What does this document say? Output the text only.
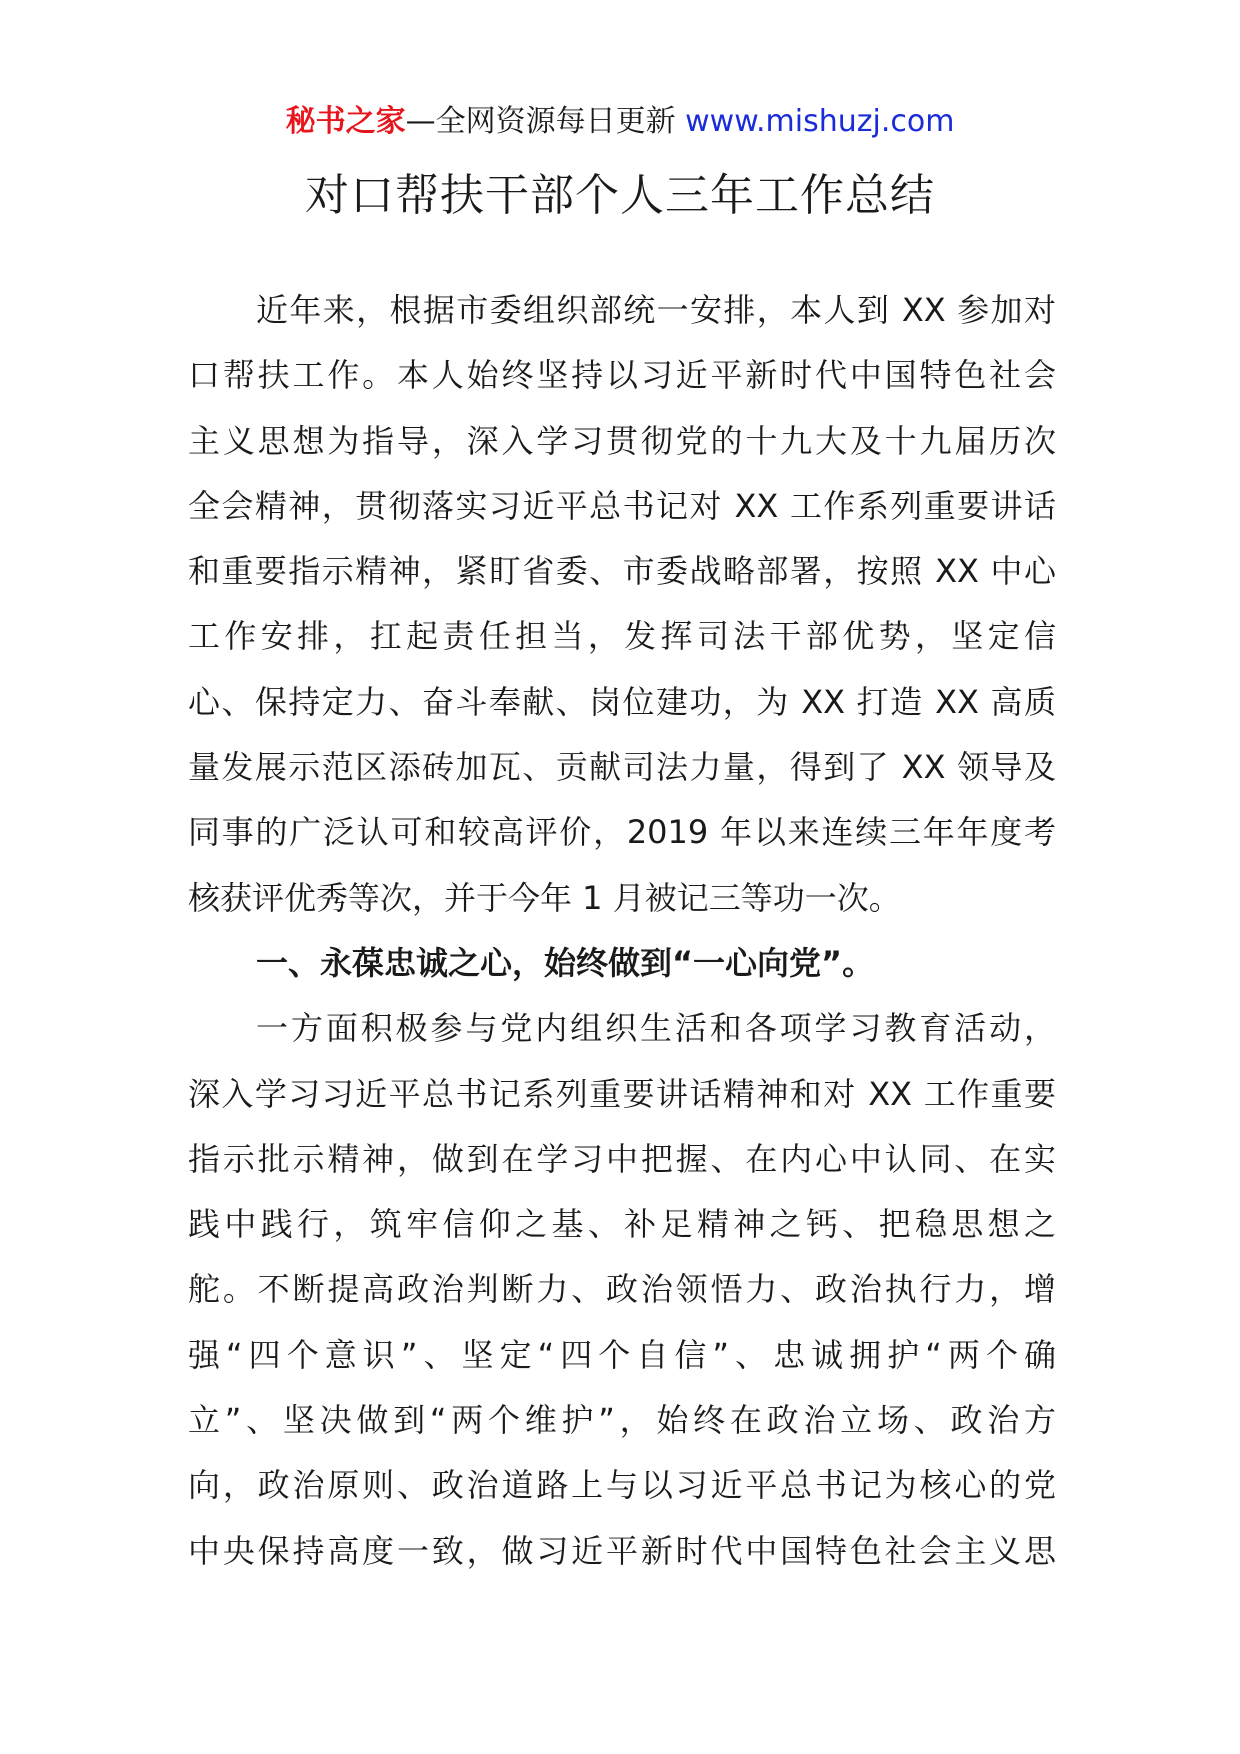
秘书之家—全网资源每日更新 www.mishuzj.com
对口帮扶干部个人三年工作总结
近年来，根据市委组织部统一安排，本人到 XX 参加对
口帮扶工作。本人始终坚持以习近平新时代中国特色社会
主义思想为指导，深入学习贯彻党的十九大及十九届历次
全会精神，贯彻落实习近平总书记对 XX 工作系列重要讲话
和重要指示精神，紧盯省委、市委战略部署，按照 XX 中心
工作安排，扛起责任担当，发挥司法干部优势，坚定信
心、保持定力、奋斗奉献、岗位建功，为 XX 打造 XX 高质
量发展示范区添砖加瓦、贡献司法力量，得到了 XX 领导及
同事的广泛认可和较高评价，2019 年以来连续三年年度考
核获评优秀等次，并于今年 1 月被记三等功一次。
一、永葆忠诚之心，始终做到“一心向党”。
一方面积极参与党内组织生活和各项学习教育活动，
深入学习习近平总书记系列重要讲话精神和对 XX 工作重要
指示批示精神，做到在学习中把握、在内心中认同、在实
践中践行，筑牢信仰之基、补足精神之钙、把稳思想之
舵。不断提高政治判断力、政治领悟力、政治执行力，增
强“四个意识”、坚定“四个自信”、忠诚拥护“两个确
立”、坚决做到“两个维护”，始终在政治立场、政治方
向，政治原则、政治道路上与以习近平总书记为核心的党
中央保持高度一致，做习近平新时代中国特色社会主义思
